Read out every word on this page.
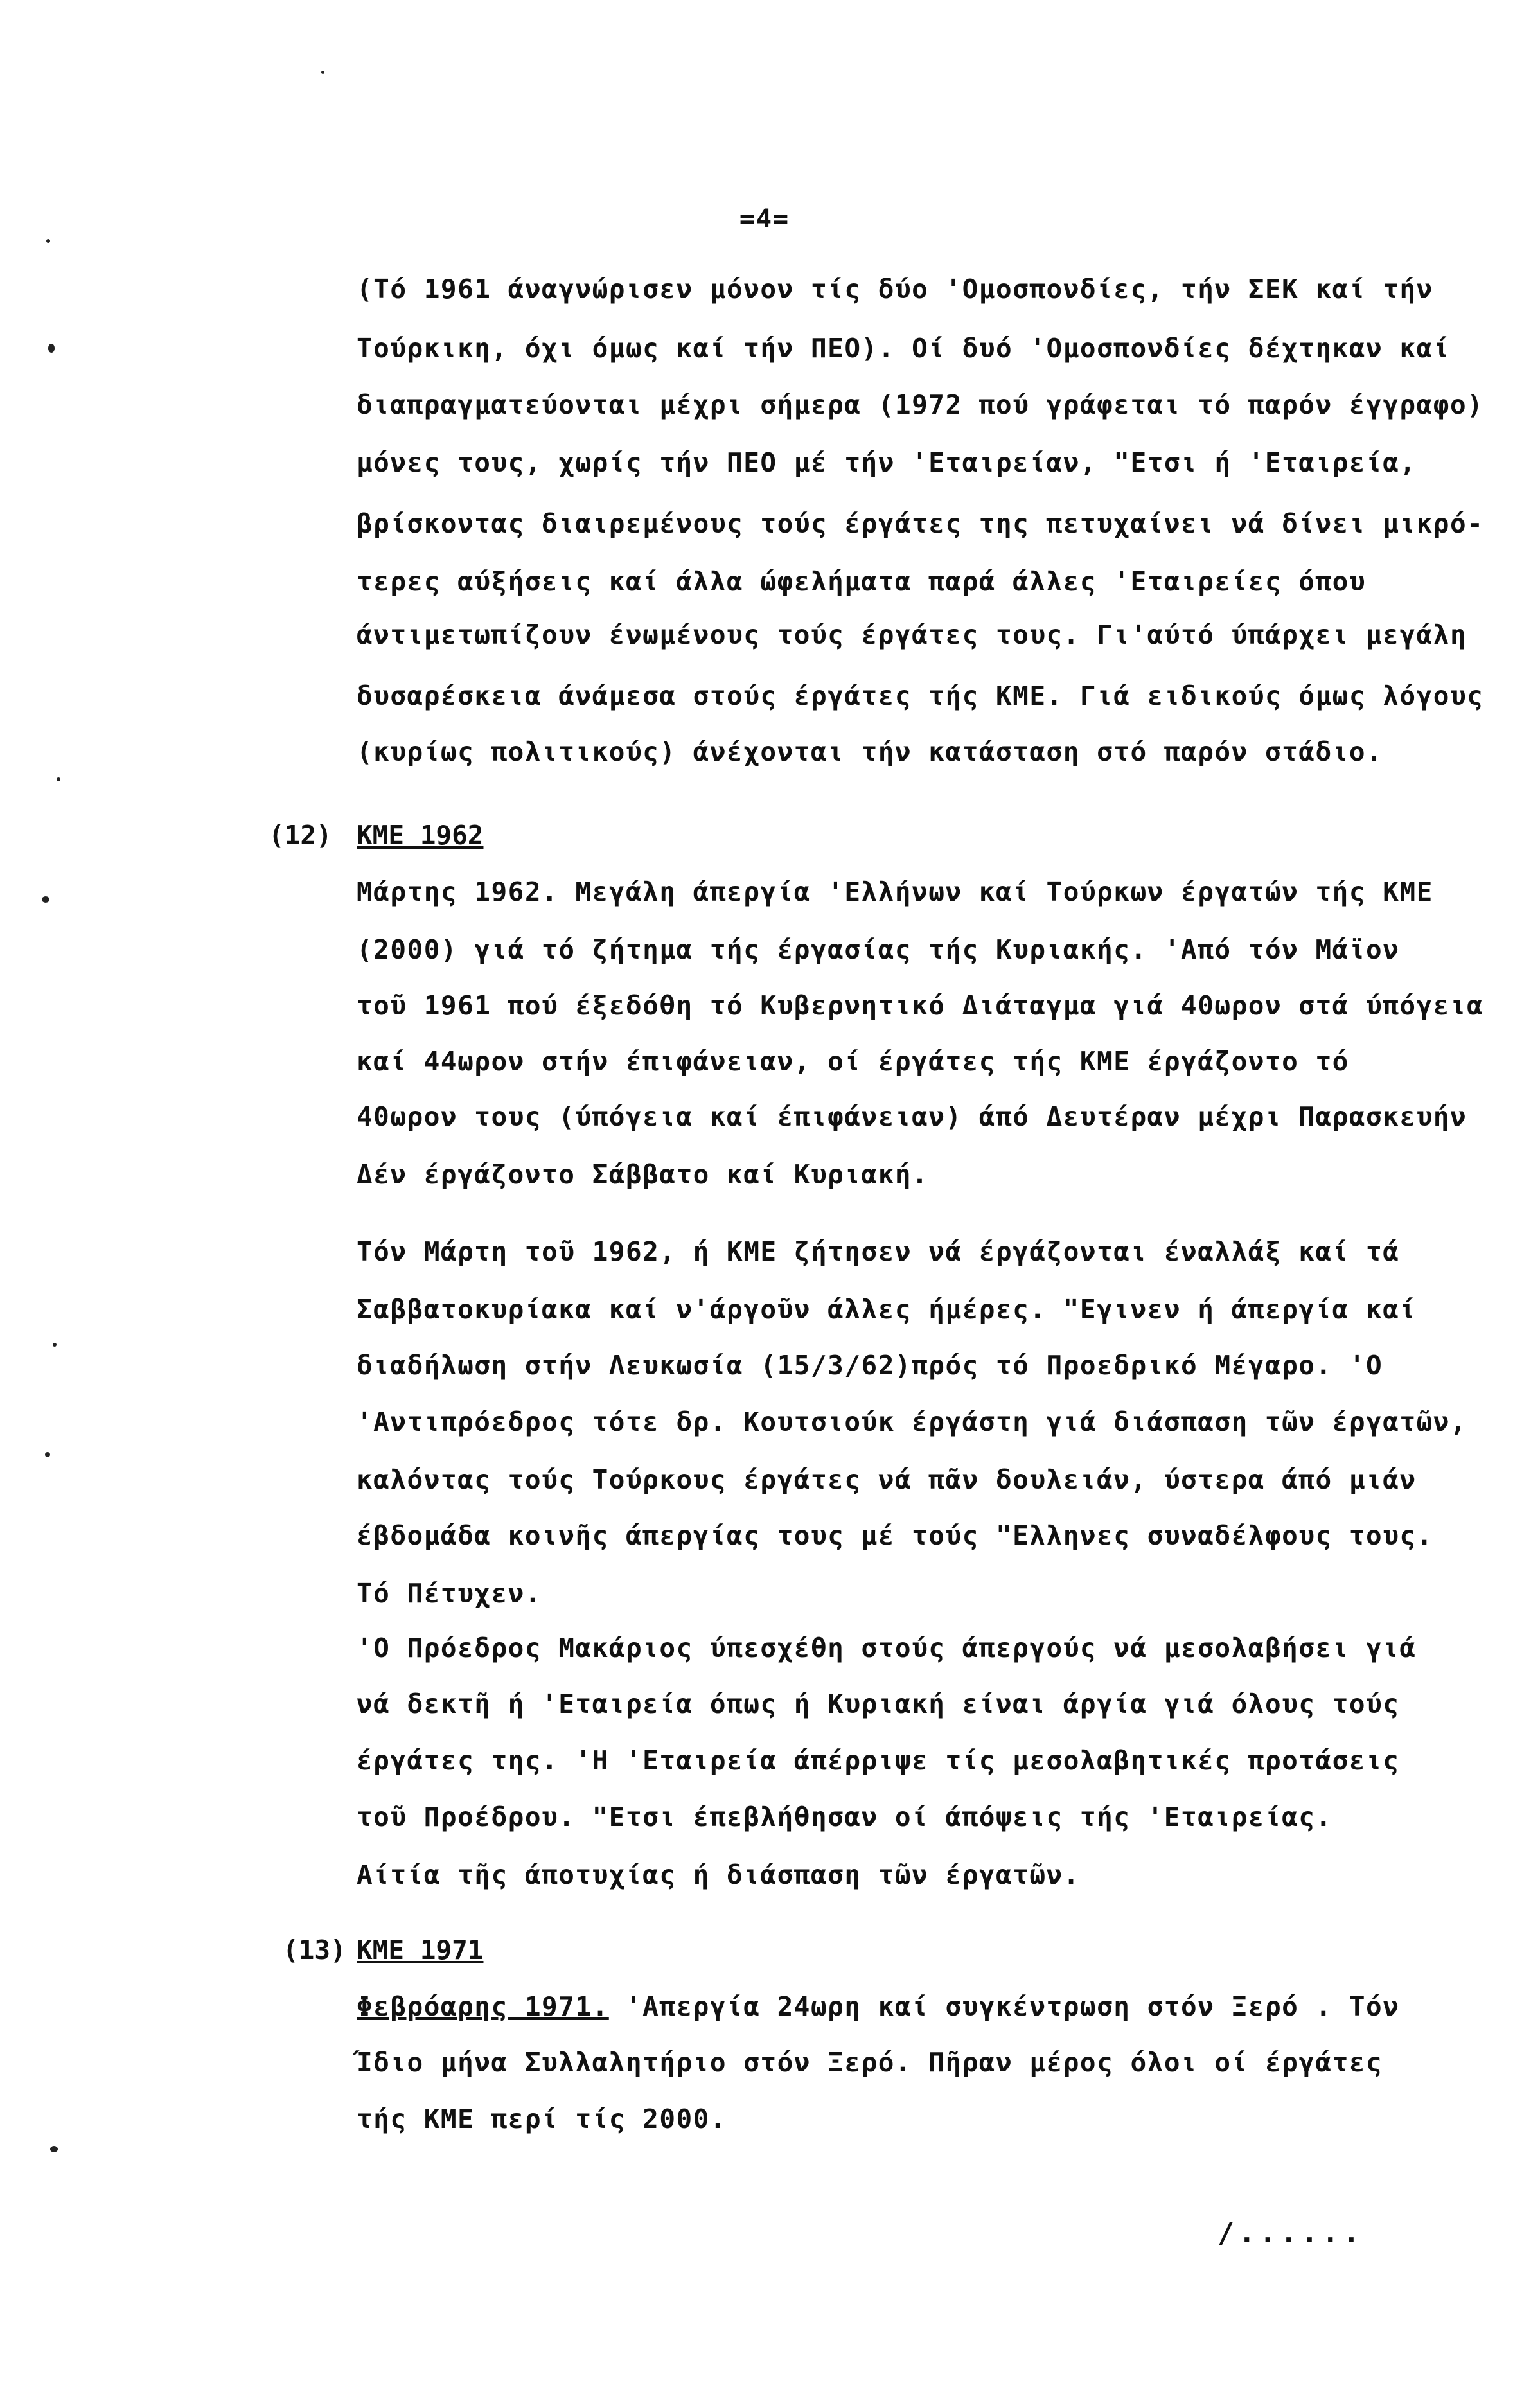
=4=
(Τό 1961 άναγνώρισεν μόνον τίς δύο 'Ομοσπονδίες, τήν ΣΕΚ καί τήν
Τούρκικη, όχι όμως καί τήν ΠΕΟ). Οί δυό 'Ομοσπονδίες δέχτηκαν καί
διαπραγματεύονται μέχρι σήμερα (1972 πού γράφεται τό παρόν έγγραφο)
μόνες τους, χωρίς τήν ΠΕΟ μέ τήν 'Εταιρείαν, "Ετσι ή 'Εταιρεία,
βρίσκοντας διαιρεμένους τούς έργάτες της πετυχαίνει νά δίνει μικρό-
τερες αύξήσεις καί άλλα ώφελήματα παρά άλλες 'Εταιρείες όπου
άντιμετωπίζουν ένωμένους τούς έργάτες τους. Γι'αύτό ύπάρχει μεγάλη
δυσαρέσκεια άνάμεσα στούς έργάτες τής ΚΜΕ. Γιά ειδικούς όμως λόγους
(κυρίως πολιτικούς) άνέχονται τήν κατάσταση στό παρόν στάδιο.
(12) ΚΜΕ 1962
Μάρτης 1962. Μεγάλη άπεργία 'Ελλήνων καί Τούρκων έργατών τής ΚΜΕ
(2000) γιά τό ζήτημα τής έργασίας τής Κυριακής. 'Από τόν Μάϊον
τοῦ 1961 πού έξεδόθη τό Κυβερνητικό Διάταγμα γιά 40ωρον στά ύπόγεια
καί 44ωρον στήν έπιφάνειαν, οί έργάτες τής ΚΜΕ έργάζοντο τό
40ωρον τους (ύπόγεια καί έπιφάνειαν) άπό Δευτέραν μέχρι Παρασκευήν
Δέν έργάζοντο Σάββατο καί Κυριακή.
Τόν Μάρτη τοῦ 1962, ή ΚΜΕ ζήτησεν νά έργάζονται έναλλάξ καί τά
Σαββατοκυρίακα καί ν'άργοῦν άλλες ήμέρες. "Εγινεν ή άπεργία καί
διαδήλωση στήν Λευκωσία (15/3/62)πρός τό Προεδρικό Μέγαρο. 'Ο
'Αντιπρόεδρος τότε δρ. Κουτσιούκ έργάστη γιά διάσπαση τῶν έργατῶν,
καλόντας τούς Τούρκους έργάτες νά πᾶν δουλειάν, ύστερα άπό μιάν
έβδομάδα κοινῆς άπεργίας τους μέ τούς "Ελληνες συναδέλφους τους.
Τό Πέτυχεν.
'Ο Πρόεδρος Μακάριος ύπεσχέθη στούς άπεργούς νά μεσολαβήσει γιά
νά δεκτῆ ή 'Εταιρεία όπως ή Κυριακή είναι άργία γιά όλους τούς
έργάτες της. 'Η 'Εταιρεία άπέρριψε τίς μεσολαβητικές προτάσεις
τοῦ Προέδρου. "Ετσι έπεβλήθησαν οί άπόψεις τής 'Εταιρείας.
Αίτία τῆς άποτυχίας ή διάσπαση τῶν έργατῶν.
(13) ΚΜΕ 1971
Φεβρόαρης 1971. 'Απεργία 24ωρη καί συγκέντρωση στόν Ξερό . Τόν
Ίδιο μήνα Συλλαλητήριο στόν Ξερό. Πῆραν μέρος όλοι οί έργάτες
τής ΚΜΕ περί τίς 2000.
/......
